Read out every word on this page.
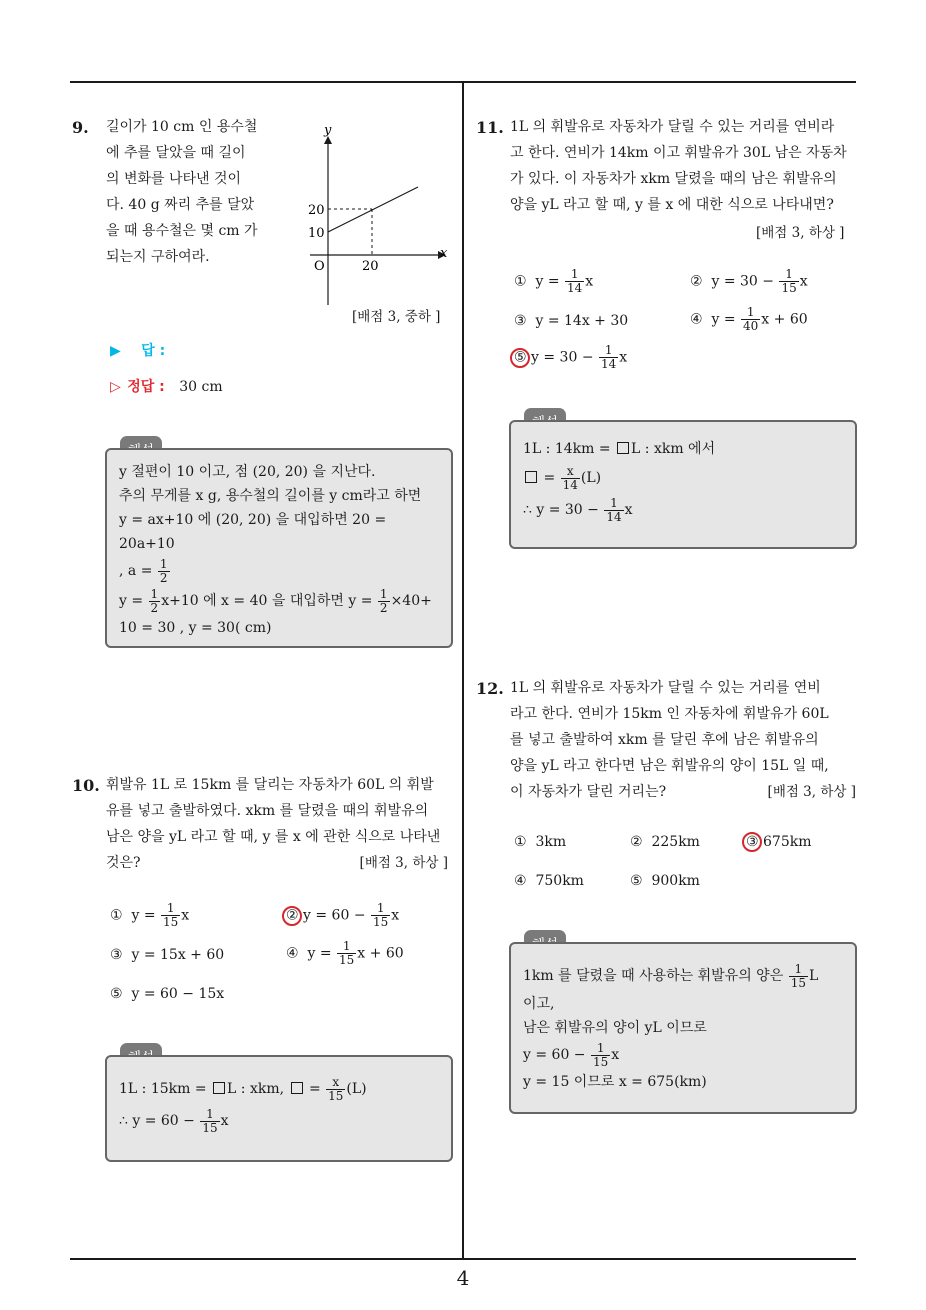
4
9. 길이가 10 cm 인 용수철
에 추를 달았을 때 길이
의 변화를 나타낸 것이
다. 40 g 짜리 추를 달았
을 때 용수철은 몇 cm 가
되는지 구하여라.
y
x
O	20
20
10
[배점 3, 중하 ]
▶ 답 :
▷ 정답 : 30 cm
y 절편이 10 이고, 점 (20, 20) 을 지난다.
추의 무게를 x g, 용수철의 길이를 y cm라고 하면
y = ax+10 에 (20, 20) 을 대입하면 20 = 20a+10
, $a = \frac{1}{2}$
$y = \frac{1}{2} x+10$ 에 x = 40 을 대입하면 $y = \frac{1}{2} \times 40+$
10 = 30 , y = 30( cm)
10. 휘발유 1L 로 15km 를 달리는 자동차가 60L 의 휘발
유를 넣고 출발하였다. xkm 를 달렸을 때의 휘발유의
남은 양을 yL 라고 할 때, y 를 x 에 관한 식으로 나타낸
것은?	[배점 3, 하상 ]
① $y = \frac{1}{15}$ x	② $y = 60 - \frac{1}{15}$ x
③ y = 15x + 60	④ $y = \frac{1}{15}$ x + 60
⑤ y = 60 − 15x
1L : 15km = L : xkm,  = $\frac{x}{15} (L)$
∴ $y = 60 - \frac{1}{15}$ x
11. 1L 의 휘발유로 자동차가 달릴 수 있는 거리를 연비라
고 한다. 연비가 14km 이고 휘발유가 30L 남은 자동차
가 있다. 이 자동차가 xkm 달렸을 때의 남은 휘발유의
양을 yL 라고 할 때, y 를 x 에 대한 식으로 나타내면?
[배점 3, 하상 ]
① $y = \frac{1}{14}$ x	② $y = 30 - \frac{1}{15}$ x
③ y = 14x + 30	④ $y = \frac{1}{40}$ x + 60
⑤ $y = 30 - \frac{1}{14}$ x
1L : 14km = L : xkm 에서
= $\frac{x}{14} (L)$
∴ $y = 30 - \frac{1}{14}$ x
12. 1L 의 휘발유로 자동차가 달릴 수 있는 거리를 연비
라고 한다. 연비가 15km 인 자동차에 휘발유가 60L
를 넣고 출발하여 xkm 를 달린 후에 남은 휘발유의
양을 yL 라고 한다면 남은 휘발유의 양이 15L 일 때,
이 자동차가 달린 거리는?	[배점 3, 하상 ]
① 3km	② 225km	③ 675km
④ 750km	⑤ 900km
1km 를 달렸을 때 사용하는 휘발유의 양은 $\frac{1}{15}$ L
이고,
남은 휘발유의 양이 yL 이므로
$y = 60 - \frac{1}{15}$ x
y = 15 이므로 x = 675(km)
